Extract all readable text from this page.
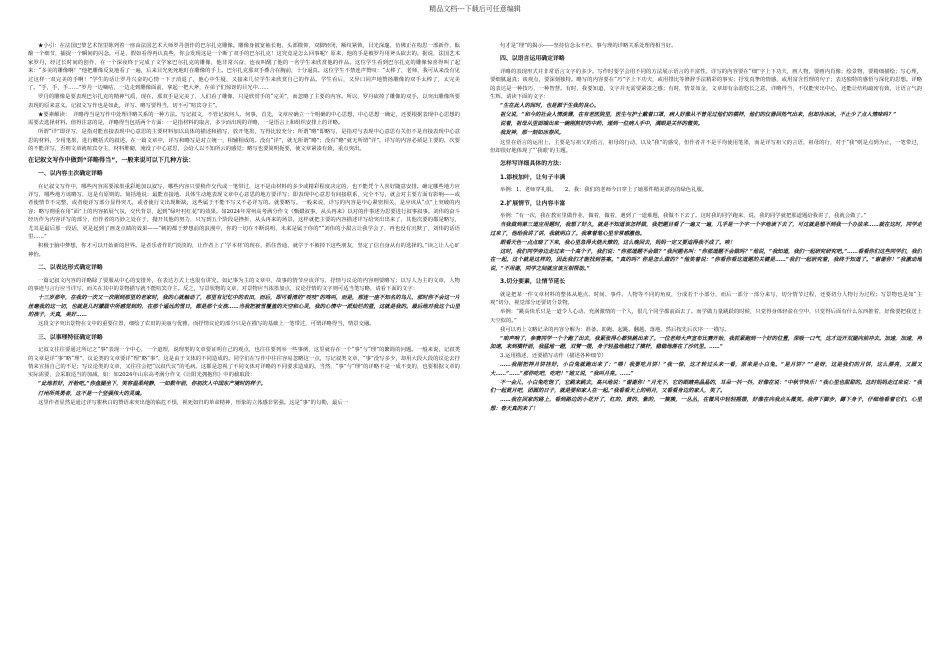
精品文档---下载后可任意编辑
★小引：在法国巴黎艺术馆里陈列着一座由法国艺术大师罗丹创作的巴尔扎克雕像。雕像身披宽袖长袍，头部微仰，双脚轻闭，额纹紧锁，目光深邃，仿佛正在构思一部新作，酝酿一个细节，捕捉一个瞬间的闪念。可是，假如看得再认真些，你会发现这是一个断了双手的巴尔扎克！这究竟是怎么回事呢？原来，他的手是被罗丹用斧头砍去的。据说，法国艺术家罗丹，经过长时间的创作，在一个深夜终于完成了文学家巴尔扎克的雕像，他非常兴奋，连夜叫醒了他的一名学生来欣赏他的作品。这位学生看到巴尔扎克的雕像惊喜得叫了起来：“多美的雕像啊！”他把雕像反复地看了一遍，后来目光死死地盯在雕像的手上。巴尔扎克那双手叠合在胸前，十分逼真。这位学生不禁连声赞叹：“太棒了，老师，我可从来没有见过这样一双完美的手啊！”学生的话让罗丹兴奋的心情一下子消退了，他心中生疑，又接来几位学生来欣赏自己的作品。学生看后，又异口同声地赞扬雕像的双手太棒了，太完美了。“手，手，手……”罗丹一边嘀咕，一边走到雕像面前，拿起一把大斧，在弟子们惊讶的目光中……
罗丹的雕像是要表现巴尔扎克的精神气质，现在，那双手是完美了，人们看了雕像，只是欣赏手的“完美”，而忽略了主要的内容。所以，罗丹砍掉了雕像的双手，以突出雕像所要表现的原来意义。记叙文写作也是如此，详写、略写要得当，切不可“喧宾夺主”。
★要素解读：　详略得当是写作中处理详略关系的一种方法。写记叙文，不管记叙何人、何事，首先，文章应确立一个明确的中心思想，中心思想一确定，还要根据表现中心思想的需要去选择材料。值得注意的是，详略得当包括两个方面：一是指材料的取舍，多少而出现的详略，一是语言上和组织安排上的详略。
所谓“详”即详写，是指对能直接表现中心意思的主要材料加以具体的描述和描写，放开笔墨，写得比较充分；所谓“略”即略写，是指对与表现中心意思有关但不是直接表现中心意思的材料，少用笔墨，进行概括式的叙述。在一篇文章中，详写和略写是对立统一，相辅相成的。没有“详”，就无所谓“略”；没有“略”就无所谓“详”。详写的内容必须是主要的，次要的不能详写，否则文章就喧宾夺主，材料堆砌，淹没了中心意思，会给人以不知所云的感觉；略写也要简明扼要，使文章紧凑有致，重点突出。
在记叙文写作中做到“详略得当”，一般来说可以下几种方法：
一、以内容主次确定详略
在记叙文写作中，哪些内容需要浓墨重彩地加以叙写，哪些内容只要稍作交代或一笔带过，这不是由材料的多少或精彩程度决定的，也不能凭个人喜好随意安排。确定哪些地方应详写，哪些地方该略写，这是有原则的。简括地说：最能直接地、具体生动地表现文章中心意思的地方要详写；即表现中心意思有间接联系，完全不写，就会对主要方面有影响——或者使情节不完整，或者使详写部分显得突兀，或者使行文出现断缺，这些属于不能不写又不必详写的。就要略写。一般来说，详写的内容是中心紧密相关，是应该从“点”上突破的内容；略写则重在用“面”上的内容拓展气氛，交代背景，起到“绿叶衬红花”的效果。如2024年常州高考满分作文《甄嬛叙事，从头再来》以对的作事述为思要进行叙事叙事。刘伟的奋斗经历作为内容详写的部分，但作者的巧妙之处在于，抛开其他的努力，只写到五个阶段是挫折，从头再来的场景，这样就把主要的内容描述详写给突出出来了，其他次要的都是略写，尤其是最后那一段话，更是起到了画龙点睛的效果——“刺的都于梦想前的浪漫中，你的一切在不断说明，未来是属于你的”“刘伟的小甜言让我学会了，再也没有沉默了，刘伟的话语里……”
积极于脑中梦想，你才可以开始新的世界。是者乐者作的“淡淡的，让作者上了‘学本材’的现在，抓住普通，就学于不被掉下这些朋友，坚定了信自身从有的选择的。”读之让人心旷神怡。
二、以表达形式确定详略
一篇记叙文内容的详略除了要服从中心的安排外，在表达方式上也很有讲究。如记事为主的文章中，故事的情节应该详写，抒情与议论的内容则要略写；以写人为主的文章，人物的事迹与言行应当详写，而关在其中的景物描写就不能喧宾夺主。反之，写景状物的文章，对景物应当浓墨加点，议论抒情的文字则可适当笔写略，请看下面的文字：
十三岁那年，在我的一次又一次刚到那里的老家时，我的心就触动了，那里有记忆中的农田，而后，即可看清的“吱吱”的鸣叫，而是，那连一座不知名的鸟儿，那时你不会这一片丝毫我的这一切，也就是儿时朦胧中所感觉到的，在那个遥远的雪日，都是那个女孩……当我把被雪覆盖的天空和心灵，我的心情中一派灿烂的蓝，这就是我的。最后地对我这个山里的孩子，天真，美好……
这段文字突出景物在文中的重要位置，细绘了农田的美丽与优雅，而抒情议论的部分只是在描写的基础上一笔带过，可谓详略得当，情景交融。
三、以事理特征确定详略
记叙文往往要通过所记之“事”表现一个中心，一个道理，说理类的文章要证明自己的观点，也往往要列举一些事例，这里就存在一个“事”与“理”的繁简的问题。一般来说，记叙类的文章是详“事”略“理”，议论类的文章要详“理”略“事”，这是由于文体的不同造成的。同学们在写作中往往容易忽略这一点，写记叙类文章，“事”没写多少，却用大段大段的议论去抒情来宣扬自己的不足；写议论类的文章，又往往会把“以叙代议”的毛病。这都是忽视了不同文体对详略的不同要求造成的。当然，“事”与“理”的详略不是一成不变的，也要根据文章的实际需要，会采取适当的加减，如：如2024年山东高考满分作文《让阳光拥抱你》中的截取段：
“此地若好，开枪吧。”你盘腿坐下，笑容温柔纯静，一如数年前，你初次入中国东产境时的样子。
汀州所英勇者，这不是一个坚强伟大的灵魂。
这里作者显然是通过详写瞿秋白的赞语来突出他的临危不惧，视死如归的革命精神，形象的立体感非常强。这是“事”的勾勒，最后一
句才是“理”的揭示——坚持信念永不朽，事与理的详略关系处理得相当好。
四、以语言运用确定详略
详略的表现形式并非常语言文字的多少。写作时要学会用不同的方法展示语言的丰富性。详写的内容要在“细”字上下功夫，画人物，要画内肖像；绘景物，要精细描绘；写心理，要细腻逼真；谈观点，要深刻独特。略写的内容要在“巧”字上下功夫，或用排比等修辞手法精彩的事实；抒发真挚的情感，或用富含哲理的句子；表达独特的感悟与深化的思想。详略的表达是一种技巧，一种智慧。有时，我要知道，文字并无需要紧凑之感；有时，情景如金，文章却有余韵悠长之意。详略得当，不仅能突出中心，还能让结构疏密有致，让语言气韵生辉。请读下面的文字：
“生在此人的间时，也是源于生我的良心。
祖父说，“和今的社会人情淡薄，在有老医院里，医生与护士戴着口罩，病人好像从不曾见过他们的模样，他们的仪器回热气出来，但却冷冰冰，不止少了点人情味吗？”
说着，祖母从里面端出来一碗刚煎好的中药，递到一位病人手中，满眼是关怀的微笑。
我发神，那一刻如冰春风。
这里在语言的运用上，主要是写祖父的语言，祖母的行动，以及“我”的感受，但作者并不是平均使用笔墨，而是详写祖父的言语，祖母的行，对于“我”则是点到为止，一笔带过，但却很好地体现了“‘我眼’的主题。
怎样写详细具体的方法：
1.添枝加叶，让句子丰满
举例：1、老师穿礼服。　　2、我：我们的老师今日穿上了她那件精美漂亮的绿色礼服。
2.扩展情节，让内容丰富
举例：“有一次，我在教室里做作业，做着，做着，遇到了一道难题，我做不下去了。这时我的同学跑来，说，我的同学就把那道题给我讲了，我就会做了。”
当我做到第三道应用题时，我想了好久，就是不知道该怎样做，我把题目看了一遍又一遍，几乎是一个字一个字地读下去了，可这就是想不到我一个办法来……就在这时，同学走过来了，他给我讲了讲，我就明白了。我拿着笔心里非常感激他。
眼看天色一点点暗了下来，我心里急得火烧火燎的，这么晚回去，妈妈一定又要追得我不成了。唉！
这时，我们同学旁边走过来一个高个子，我们说：“你那道题不会做？”我问题名叫：“你那道题不会做吗？”他说，“我知道，我们一起研究研究吧。”……看看你们这些同学们，我们在一起，这个就是这样的，因此我们才能找到答案。“真的吗？你是怎么做的？”他笑着说：“你看你看这道题的关键是……”我们一起研究着，我终于知道了。“谢谢你！”我激动地说，“不用谢，同学之间就应该互相帮助。”
3.切分要素，让情节延长
就是把某一件文章材料的整体从地点、时间、事件、人物等不同的角度，分成若干小部分，而后一部分一部分来写，切分情节过程，还要切分人物行为过程；写景物也是如“主观”切分，视觉部分还要切分景物。
举例：“跳高快乐只是一道令人心动、充满激情的一个人，很几个同学都前面去了。而学做力量跳跃的时候，只觉得身体轻盈在空中，只觉得后面有什么东西推着，好像要把我送上天空似的。”
我可以再上文略记录的内容分解为：准备、助跑、起跳、翻越、落地，然后按先后次序一一描写。
“咱声响了，参赛同学一个个跑了出去，我紧张得心都快跳出来了。一位老师大声宣布比赛开始，我抓紧跑到一个好的位置，深吸一口气，这才迈开双腿向前冲去。加速，加速，再加速，来到横杆前，我猛地一蹬，双臂一摆，身子轻盈地越过了横杆，稳稳地落在了沙坑里。……”
3.运用描述，还要描写动作（描述各种细节）
……我刚把拌月饼挂好，小白兔就跑出来了：“喂！我要吃月饼！”我一惊，这才转过头来一看，原来是小白兔。“是月饼？”“是呀，这是我们的月饼，这么漂亮，又圆又大……”……“那你吃吧，吃吧！”她又说，“我叫月亮。……”
不一会儿，小白兔吃饱了，它跳来跳去，高兴地说：“谢谢你！”月光下，它的眼睛亮晶晶的，耳朵一抖一抖，好像在说：“中秋节快乐！”我心里也甜甜的。这时妈妈走过来说：“我们一起赏月吧，团圆的日子，就是要和家人在一起。”我看看天上的明月，又看看身边的家人，笑了。
……我在回家的路上，看到路边的小花开了，红的、黄的、紫的，一簇簇，一丛丛，在微风中轻轻摇摆，好像在向我点头微笑。我停下脚步，蹲下身子，仔细地看着它们，心里想：春天真的来了！
